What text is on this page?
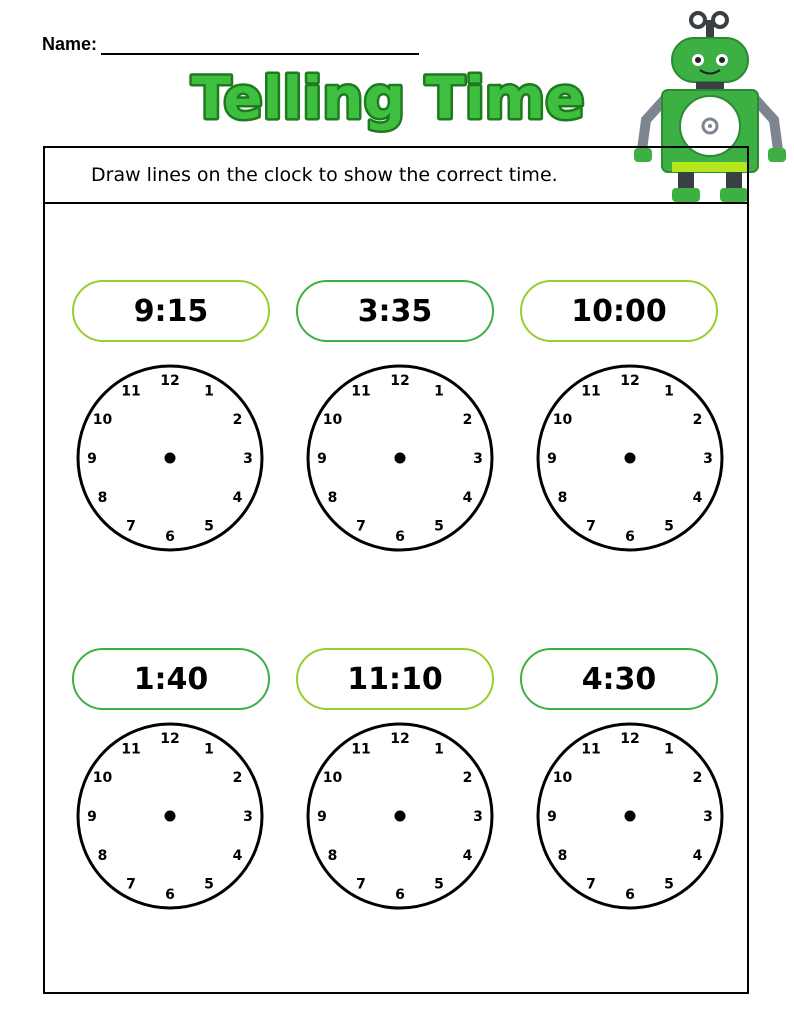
Name:
Telling Time
Draw lines on the clock to show the correct time.
9:15
12
1
2
3
4
5
6
7
8
9
10
11
3:35
12
1
2
3
4
5
6
7
8
9
10
11
10:00
12
1
2
3
4
5
6
7
8
9
10
11
1:40
12
1
2
3
4
5
6
7
8
9
10
11
11:10
12
1
2
3
4
5
6
7
8
9
10
11
4:30
12
1
2
3
4
5
6
7
8
9
10
11
